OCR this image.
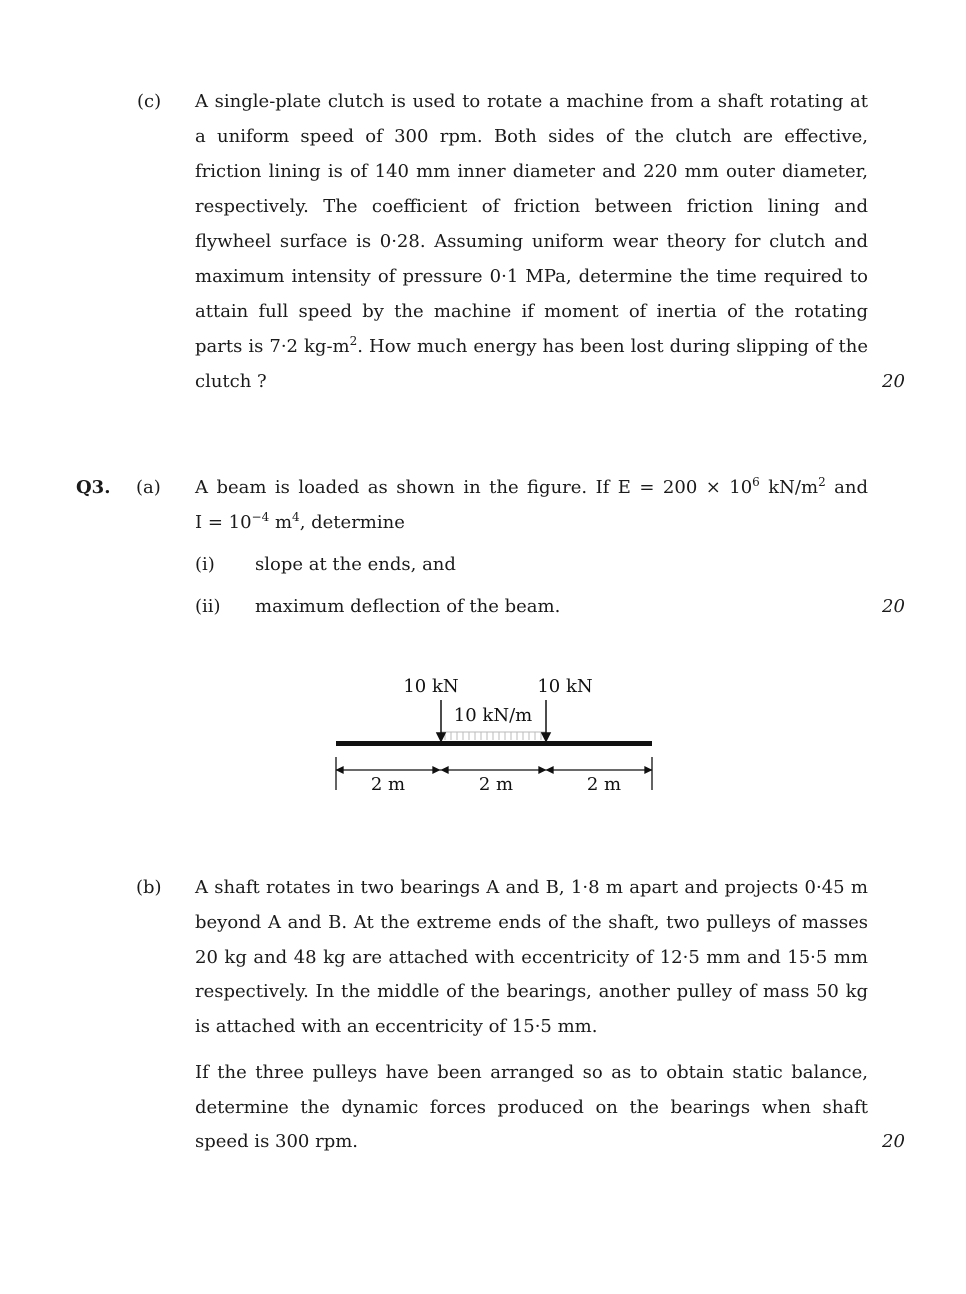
(c) A single-plate clutch is used to rotate a machine from a shaft rotating at
a uniform speed of 300 rpm. Both sides of the clutch are effective,
friction lining is of 140 mm inner diameter and 220 mm outer diameter,
respectively. The coefficient of friction between friction lining and
flywheel surface is 0·28. Assuming uniform wear theory for clutch and
maximum intensity of pressure 0·1 MPa, determine the time required to
attain full speed by the machine if moment of inertia of the rotating
parts is 7·2 $kg-m^2$. How much energy has been lost during slipping of the
clutch ?	20
Q3. (a) A beam is loaded as shown in the figure. If $E = 200 \times 10^6$ $kN/m^2$ and
$I = 10^{-4}$ $m^4$, determine
(i) slope at the ends, and
(ii) maximum deflection of the beam.	20
10 kN	10 kN
10 kN/m
2 m	2 m	2 m
(b) A shaft rotates in two bearings A and B, 1·8 m apart and projects 0·45 m
beyond A and B. At the extreme ends of the shaft, two pulleys of masses
20 kg and 48 kg are attached with eccentricity of 12·5 mm and 15·5 mm
respectively. In the middle of the bearings, another pulley of mass 50 kg
is attached with an eccentricity of 15·5 mm.
If the three pulleys have been arranged so as to obtain static balance,
determine the dynamic forces produced on the bearings when shaft
speed is 300 rpm.	20
